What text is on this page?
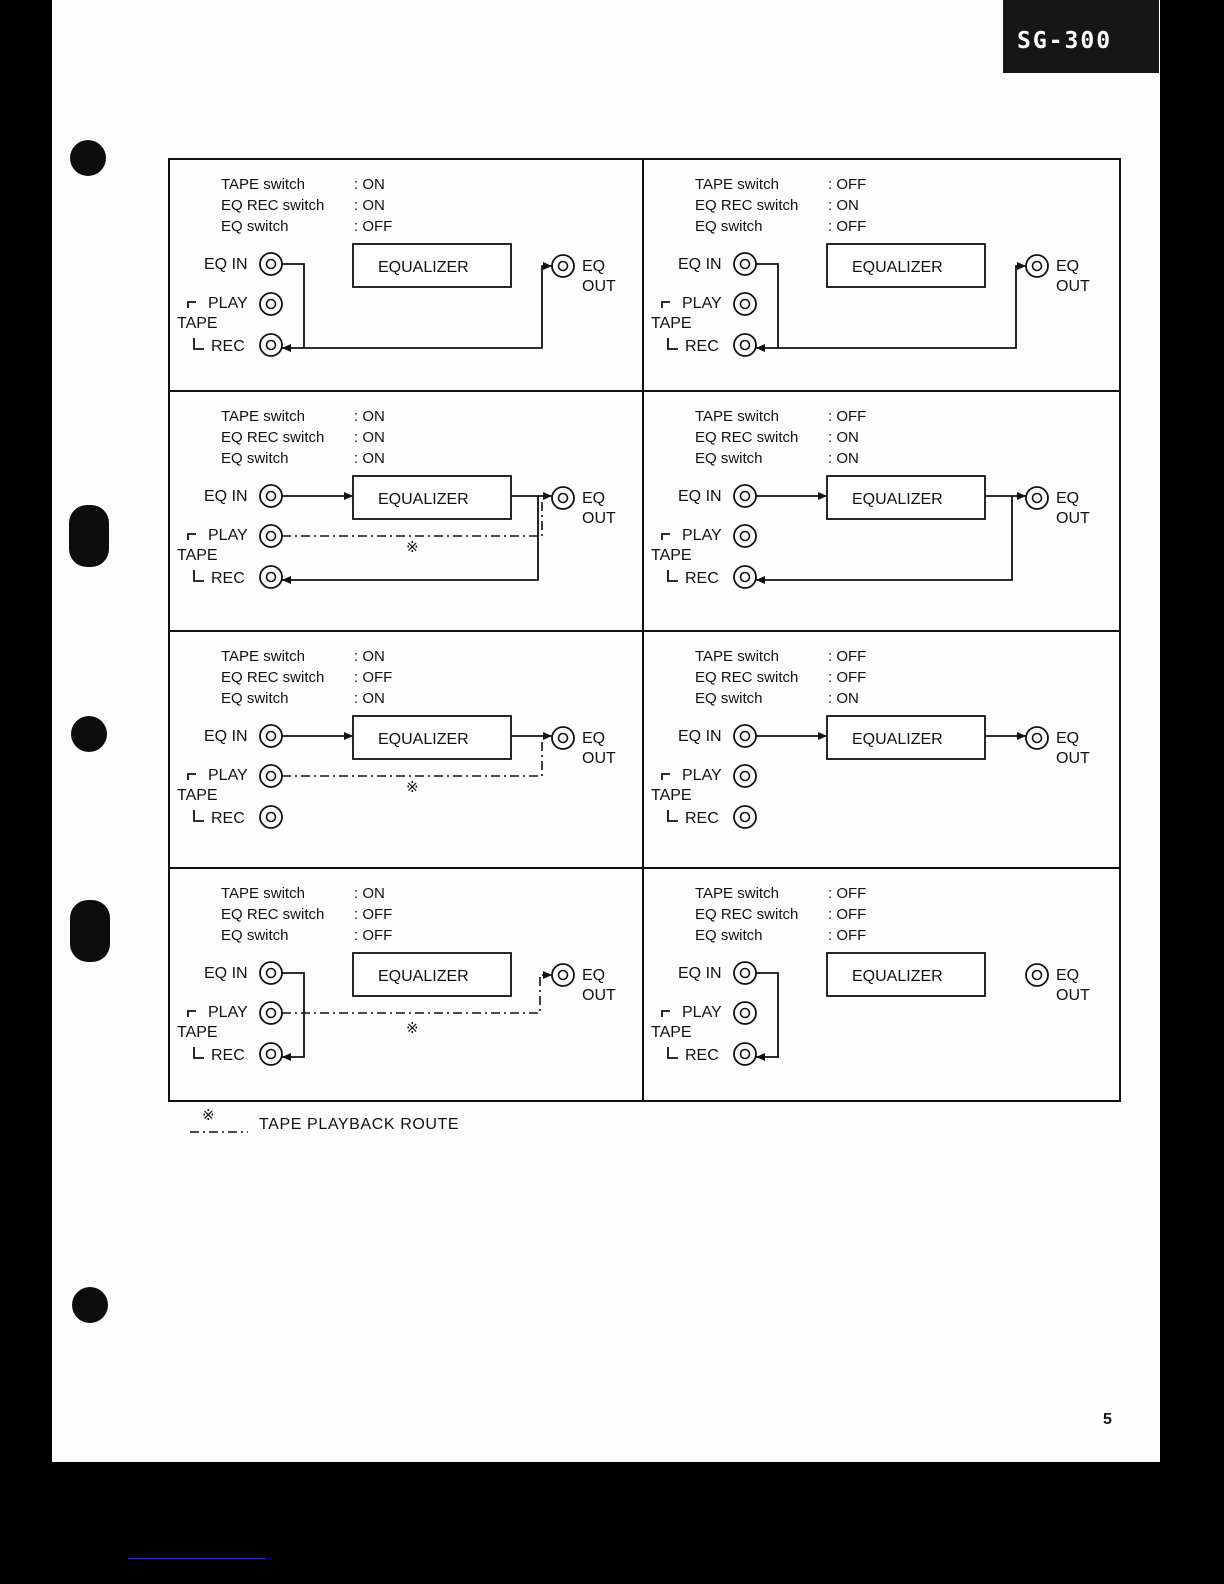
SG-300
TAPE switch
EQ REC switch
EQ switch
: ON
: ON
: OFF
EQUALIZER
EQ IN
PLAY
TAPE
REC
EQ
OUT
TAPE switch
EQ REC switch
EQ switch
: OFF
: ON
: OFF
EQUALIZER
EQ IN
PLAY
TAPE
REC
EQ
OUT
TAPE switch
EQ REC switch
EQ switch
: ON
: ON
: ON
EQUALIZER
EQ IN
PLAY
TAPE
REC
EQ
OUT
※
TAPE switch
EQ REC switch
EQ switch
: OFF
: ON
: ON
EQUALIZER
EQ IN
PLAY
TAPE
REC
EQ
OUT
TAPE switch
EQ REC switch
EQ switch
: ON
: OFF
: ON
EQUALIZER
EQ IN
PLAY
TAPE
REC
EQ
OUT
※
TAPE switch
EQ REC switch
EQ switch
: OFF
: OFF
: ON
EQUALIZER
EQ IN
PLAY
TAPE
REC
EQ
OUT
TAPE switch
EQ REC switch
EQ switch
: ON
: OFF
: OFF
EQUALIZER
EQ IN
PLAY
TAPE
REC
EQ
OUT
※
TAPE switch
EQ REC switch
EQ switch
: OFF
: OFF
: OFF
EQUALIZER
EQ IN
PLAY
TAPE
REC
EQ
OUT
※
TAPE PLAYBACK ROUTE
5
